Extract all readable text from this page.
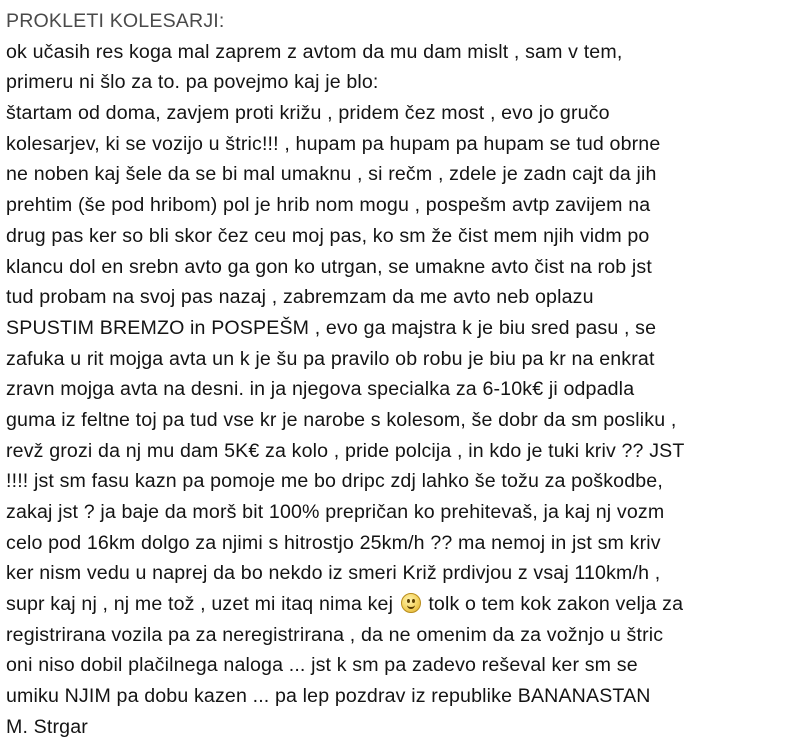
PROKLETI KOLESARJI:
ok učasih res koga mal zaprem z avtom da mu dam mislt , sam v tem,
primeru ni šlo za to. pa povejmo kaj je blo:
štartam od doma, zavjem proti križu , pridem čez most , evo jo gručo
kolesarjev, ki se vozijo u štric!!! , hupam pa hupam pa hupam se tud obrne
ne noben kaj šele da se bi mal umaknu , si rečm , zdele je zadn cajt da jih
prehtim (še pod hribom) pol je hrib nom mogu , pospešm avtp zavijem na
drug pas ker so bli skor čez ceu moj pas, ko sm že čist mem njih vidm po
klancu dol en srebn avto ga gon ko utrgan, se umakne avto čist na rob jst
tud probam na svoj pas nazaj , zabremzam da me avto neb oplazu
SPUSTIM BREMZO in POSPEŠM , evo ga majstra k je biu sred pasu , se
zafuka u rit mojga avta un k je šu pa pravilo ob robu je biu pa kr na enkrat
zravn mojga avta na desni. in ja njegova specialka za 6-10k€ ji odpadla
guma iz feltne toj pa tud vse kr je narobe s kolesom, še dobr da sm posliku ,
revž grozi da nj mu dam 5K€ za kolo , pride polcija , in kdo je tuki kriv ?? JST
!!!! jst sm fasu kazn pa pomoje me bo dripc zdj lahko še tožu za poškodbe,
zakaj jst ? ja baje da morš bit 100% prepričan ko prehitevaš, ja kaj nj vozm
celo pod 16km dolgo za njimi s hitrostjo 25km/h ?? ma nemoj in jst sm kriv
ker nism vedu u naprej da bo nekdo iz smeri Križ prdivjou z vsaj 110km/h ,
supr kaj nj , nj me tož , uzet mi itaq nima kej tolk o tem kok zakon velja za
registrirana vozila pa za neregistrirana , da ne omenim da za vožnjo u štric
oni niso dobil plačilnega naloga ... jst k sm pa zadevo reševal ker sm se
umiku NJIM pa dobu kazen ... pa lep pozdrav iz republike BANANASTAN
M. Strgar
